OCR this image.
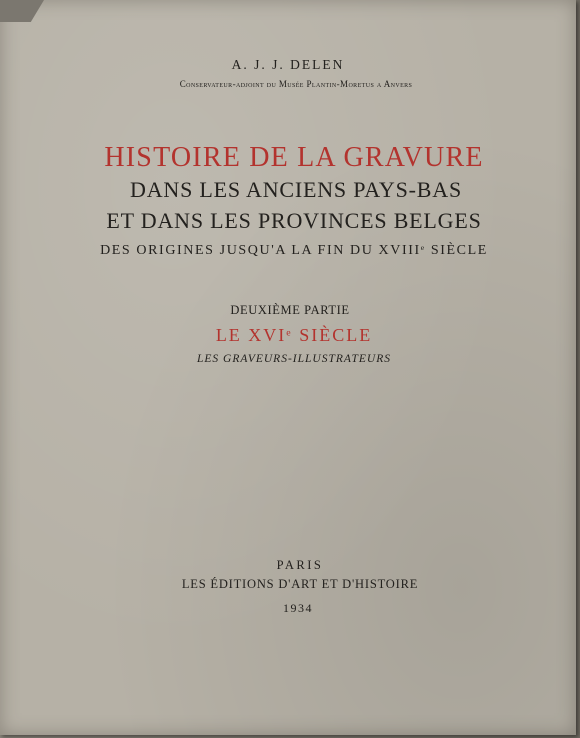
A. J. J. DELEN
Conservateur-adjoint du Musée Plantin-Moretus a Anvers
HISTOIRE DE LA GRAVURE
DANS LES ANCIENS PAYS-BAS
ET DANS LES PROVINCES BELGES
DES ORIGINES JUSQU'A LA FIN DU XVIIIe SIÈCLE
DEUXIÈME PARTIE
LE XVIe SIÈCLE
LES GRAVEURS-ILLUSTRATEURS
PARIS
LES ÉDITIONS D'ART ET D'HISTOIRE
1934
